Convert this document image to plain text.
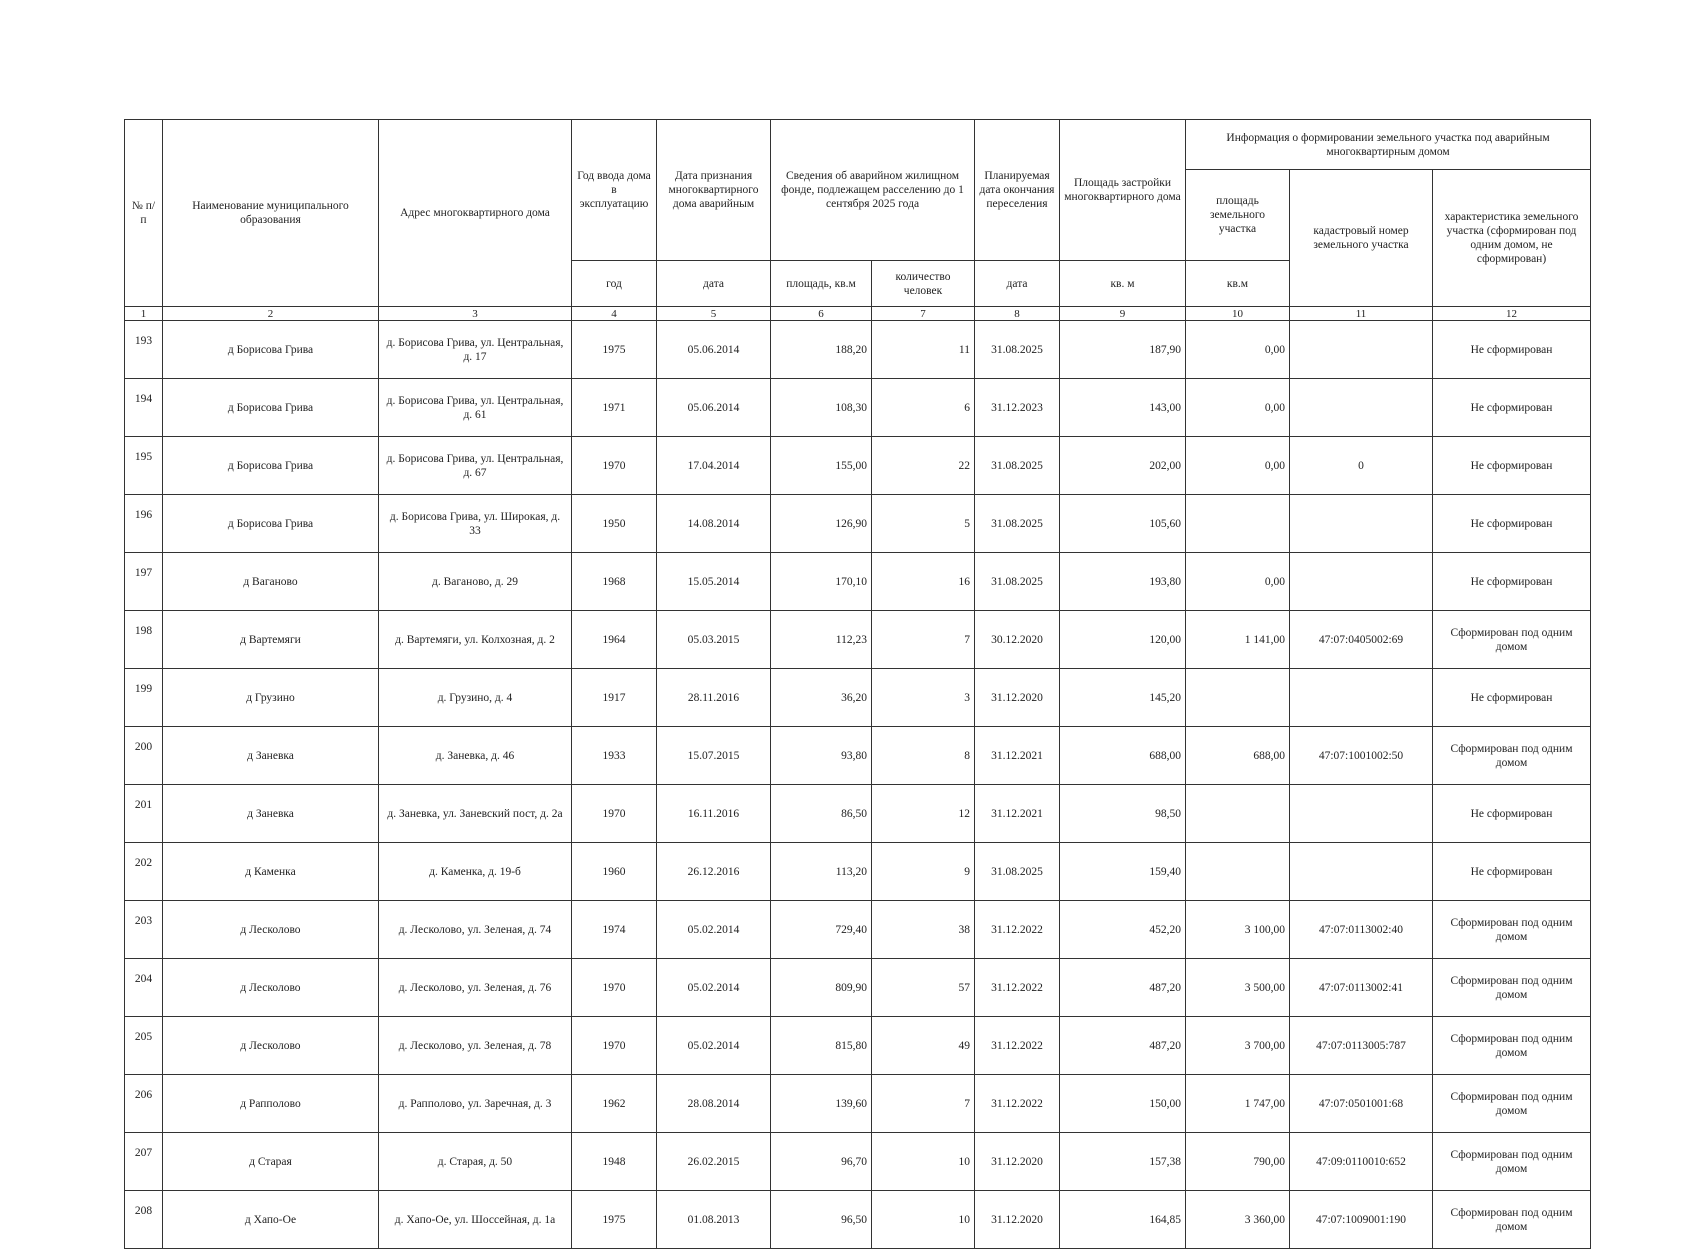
№ п/п	Наименование муниципального образования	Адрес многоквартирного дома	Год ввода дома в эксплуатацию	Дата признания многоквартирного дома аварийным	Сведения об аварийном жилищном фонде, подлежащем расселению до 1 сентября 2025 года		Планируемая дата окончания переселения	Площадь застройки многоквартирного дома	Информация о формировании земельного участка под аварийным многоквартирным домом		
									площадь земельного участка	кадастровый номер земельного участка	характеристика земельного участка (сформирован под одним домом, не сформирован)
			год	дата	площадь, кв.м	количество человек	дата	кв. м	кв.м		
1	2	3	4	5	6	7	8	9	10	11	12
193	д Борисова Грива	д. Борисова Грива, ул. Центральная, д. 17	1975	05.06.2014	188,20	11	31.08.2025	187,90	0,00		Не сформирован
194	д Борисова Грива	д. Борисова Грива, ул. Центральная, д. 61	1971	05.06.2014	108,30	6	31.12.2023	143,00	0,00		Не сформирован
195	д Борисова Грива	д. Борисова Грива, ул. Центральная, д. 67	1970	17.04.2014	155,00	22	31.08.2025	202,00	0,00	0	Не сформирован
196	д Борисова Грива	д. Борисова Грива, ул. Широкая, д. 33	1950	14.08.2014	126,90	5	31.08.2025	105,60			Не сформирован
197	д Ваганово	д. Ваганово, д. 29	1968	15.05.2014	170,10	16	31.08.2025	193,80	0,00		Не сформирован
198	д Вартемяги	д. Вартемяги, ул. Колхозная, д. 2	1964	05.03.2015	112,23	7	30.12.2020	120,00	1 141,00	47:07:0405002:69	Сформирован под одним домом
199	д Грузино	д. Грузино, д. 4	1917	28.11.2016	36,20	3	31.12.2020	145,20			Не сформирован
200	д Заневка	д. Заневка, д. 46	1933	15.07.2015	93,80	8	31.12.2021	688,00	688,00	47:07:1001002:50	Сформирован под одним домом
201	д Заневка	д. Заневка, ул. Заневский пост, д. 2а	1970	16.11.2016	86,50	12	31.12.2021	98,50			Не сформирован
202	д Каменка	д. Каменка, д. 19-б	1960	26.12.2016	113,20	9	31.08.2025	159,40			Не сформирован
203	д Лесколово	д. Лесколово, ул. Зеленая, д. 74	1974	05.02.2014	729,40	38	31.12.2022	452,20	3 100,00	47:07:0113002:40	Сформирован под одним домом
204	д Лесколово	д. Лесколово, ул. Зеленая, д. 76	1970	05.02.2014	809,90	57	31.12.2022	487,20	3 500,00	47:07:0113002:41	Сформирован под одним домом
205	д Лесколово	д. Лесколово, ул. Зеленая, д. 78	1970	05.02.2014	815,80	49	31.12.2022	487,20	3 700,00	47:07:0113005:787	Сформирован под одним домом
206	д Рапполово	д. Рапполово, ул. Заречная, д. 3	1962	28.08.2014	139,60	7	31.12.2022	150,00	1 747,00	47:07:0501001:68	Сформирован под одним домом
207	д Старая	д. Старая, д. 50	1948	26.02.2015	96,70	10	31.12.2020	157,38	790,00	47:09:0110010:652	Сформирован под одним домом
208	д Хапо-Ое	д. Хапо-Ое, ул. Шоссейная, д. 1а	1975	01.08.2013	96,50	10	31.12.2020	164,85	3 360,00	47:07:1009001:190	Сформирован под одним домом
